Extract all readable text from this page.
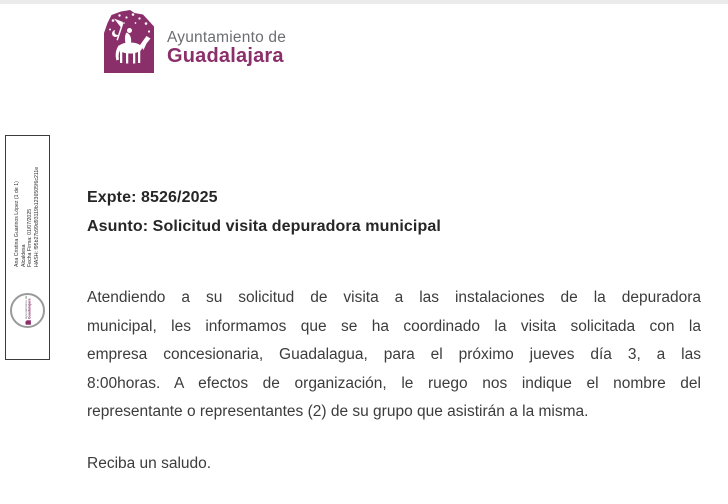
Ayuntamiento de
Guadalajara
Ana Cristina Guarinos López (1 de 1) Alcaldesa Fecha Firma: 01/07/2025 HASH: f95b27b99d93119b1236505f6c211e
Ayuntamiento de Guadalajara
Expte: 8526/2025
Asunto: Solicitud visita depuradora municipal
Atendiendo a su solicitud de visita a las instalaciones de la depuradora
municipal, les informamos que se ha coordinado la visita solicitada con la
empresa concesionaria, Guadalagua, para el próximo jueves día 3, a las
8:00horas. A efectos de organización, le ruego nos indique el nombre del
representante o representantes (2) de su grupo que asistirán a la misma.
Reciba un saludo.
